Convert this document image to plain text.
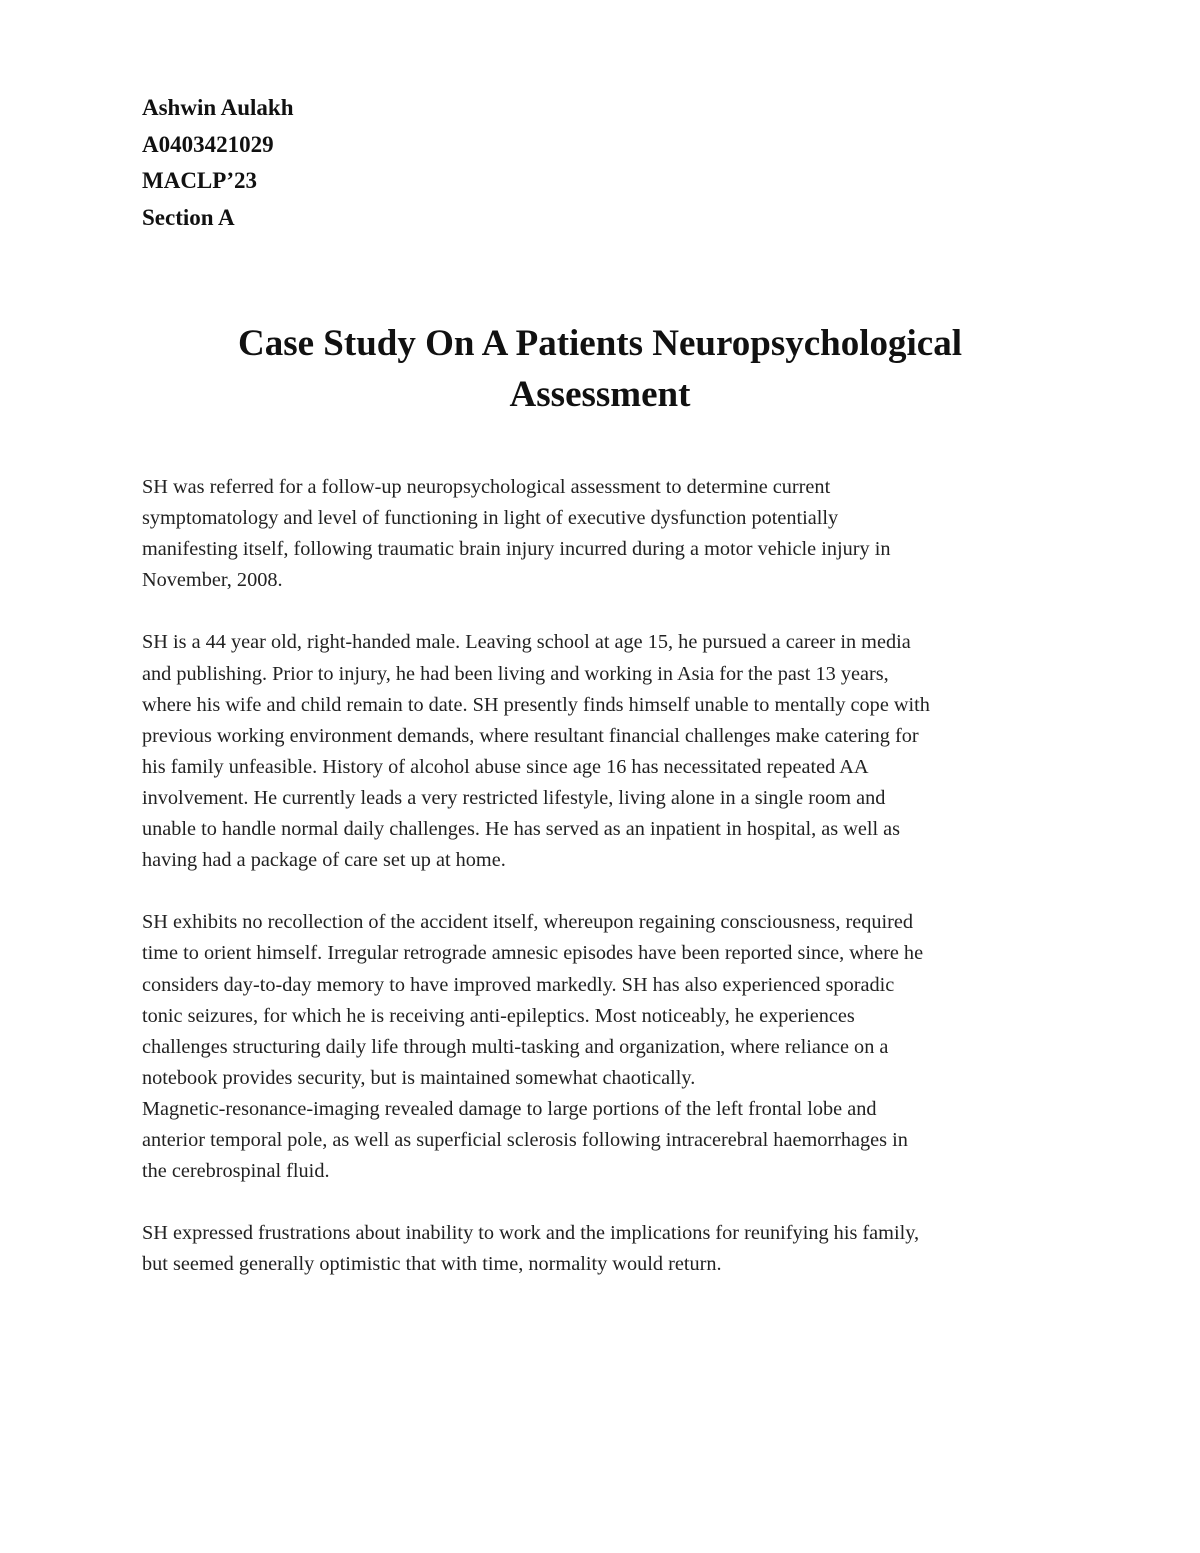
Ashwin Aulakh
A0403421029
MACLP’23
Section A
Case Study On A Patients Neuropsychological
Assessment
SH was referred for a follow-up neuropsychological assessment to determine current
symptomatology and level of functioning in light of executive dysfunction potentially
manifesting itself, following traumatic brain injury incurred during a motor vehicle injury in
November, 2008.
SH is a 44 year old, right-handed male. Leaving school at age 15, he pursued a career in media
and publishing. Prior to injury, he had been living and working in Asia for the past 13 years,
where his wife and child remain to date. SH presently finds himself unable to mentally cope with
previous working environment demands, where resultant financial challenges make catering for
his family unfeasible. History of alcohol abuse since age 16 has necessitated repeated AA
involvement. He currently leads a very restricted lifestyle, living alone in a single room and
unable to handle normal daily challenges. He has served as an inpatient in hospital, as well as
having had a package of care set up at home.
SH exhibits no recollection of the accident itself, whereupon regaining consciousness, required
time to orient himself. Irregular retrograde amnesic episodes have been reported since, where he
considers day-to-day memory to have improved markedly. SH has also experienced sporadic
tonic seizures, for which he is receiving anti-epileptics. Most noticeably, he experiences
challenges structuring daily life through multi-tasking and organization, where reliance on a
notebook provides security, but is maintained somewhat chaotically.
Magnetic-resonance-imaging revealed damage to large portions of the left frontal lobe and
anterior temporal pole, as well as superficial sclerosis following intracerebral haemorrhages in
the cerebrospinal fluid.
SH expressed frustrations about inability to work and the implications for reunifying his family,
but seemed generally optimistic that with time, normality would return.
